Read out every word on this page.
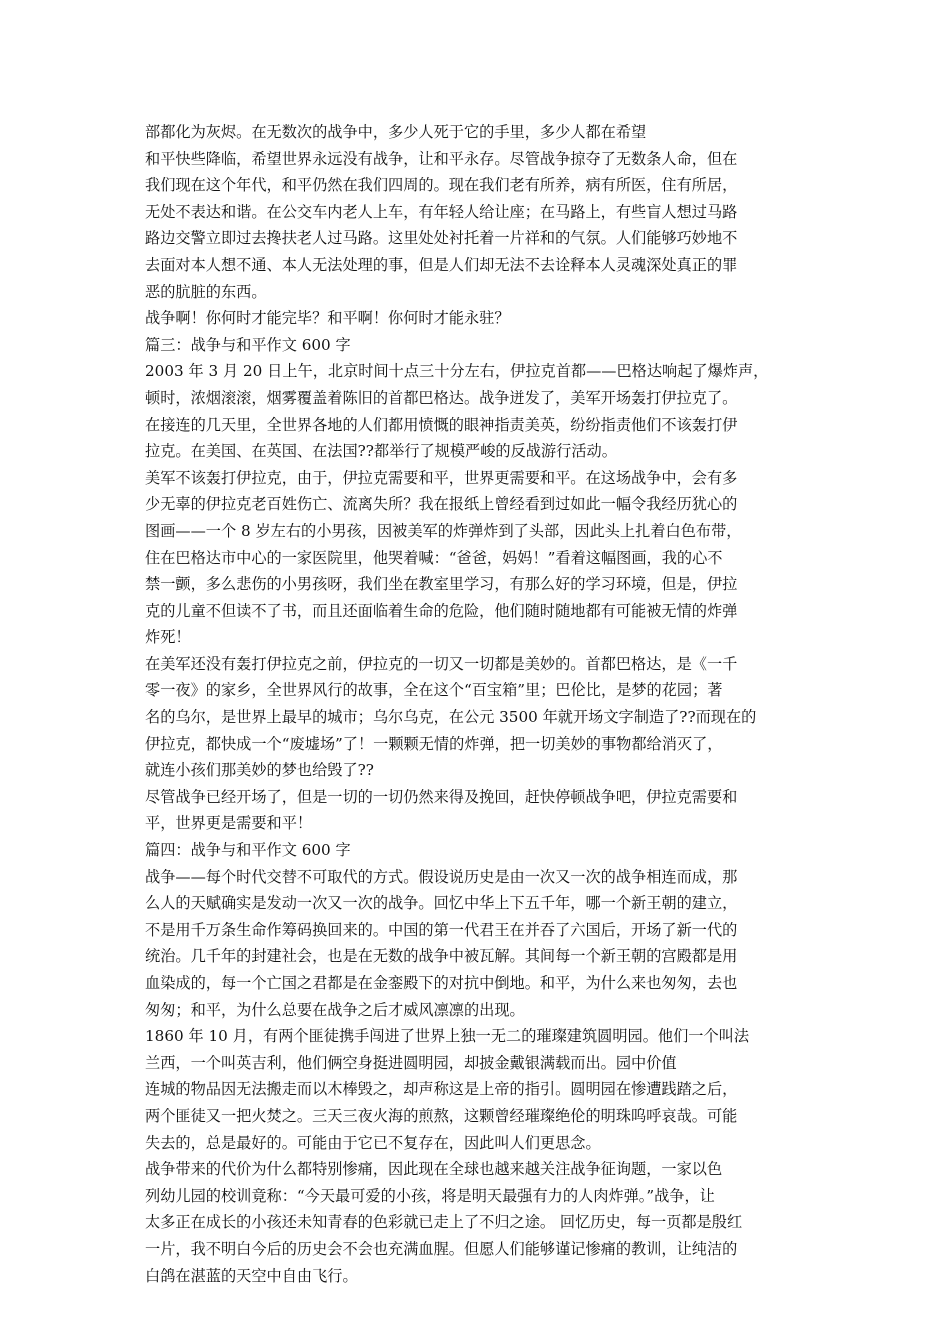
部都化为灰烬。在无数次的战争中，多少人死于它的手里，多少人都在希望
和平快些降临，希望世界永远没有战争，让和平永存。尽管战争掠夺了无数条人命，但在
我们现在这个年代，和平仍然在我们四周的。现在我们老有所养，病有所医，住有所居，
无处不表达和谐。在公交车内老人上车，有年轻人给让座；在马路上，有些盲人想过马路
路边交警立即过去搀扶老人过马路。这里处处衬托着一片祥和的气氛。人们能够巧妙地不
去面对本人想不通、本人无法处理的事，但是人们却无法不去诠释本人灵魂深处真正的罪
恶的肮脏的东西。
战争啊！你何时才能完毕？和平啊！你何时才能永驻？
篇三：战争与和平作文 600 字
2003 年 3 月 20 日上午，北京时间十点三十分左右，伊拉克首都——巴格达响起了爆炸声，
顿时，浓烟滚滚，烟雾覆盖着陈旧的首都巴格达。战争迸发了，美军开场轰打伊拉克了。
在接连的几天里，全世界各地的人们都用愤慨的眼神指责美英，纷纷指责他们不该轰打伊
拉克。在美国、在英国、在法国??都举行了规模严峻的反战游行活动。
美军不该轰打伊拉克，由于，伊拉克需要和平，世界更需要和平。在这场战争中，会有多
少无辜的伊拉克老百姓伤亡、流离失所？我在报纸上曾经看到过如此一幅令我经历犹心的
图画——一个 8 岁左右的小男孩，因被美军的炸弹炸到了头部，因此头上扎着白色布带，
住在巴格达市中心的一家医院里，他哭着喊：“爸爸，妈妈！”看着这幅图画，我的心不
禁一颤，多么悲伤的小男孩呀，我们坐在教室里学习，有那么好的学习环境，但是，伊拉
克的儿童不但读不了书，而且还面临着生命的危险，他们随时随地都有可能被无情的炸弹
炸死！
在美军还没有轰打伊拉克之前，伊拉克的一切又一切都是美妙的。首都巴格达，是《一千
零一夜》的家乡，全世界风行的故事，全在这个“百宝箱”里；巴伦比，是梦的花园；著
名的乌尔，是世界上最早的城市；乌尔乌克，在公元 3500 年就开场文字制造了??而现在的
伊拉克，都快成一个“废墟场”了！一颗颗无情的炸弹，把一切美妙的事物都给消灭了，
就连小孩们那美妙的梦也给毁了??
尽管战争已经开场了，但是一切的一切仍然来得及挽回，赶快停顿战争吧，伊拉克需要和
平，世界更是需要和平！
篇四：战争与和平作文 600 字
战争——每个时代交替不可取代的方式。假设说历史是由一次又一次的战争相连而成，那
么人的天赋确实是发动一次又一次的战争。回忆中华上下五千年，哪一个新王朝的建立，
不是用千万条生命作筹码换回来的。中国的第一代君王在并吞了六国后，开场了新一代的
统治。几千年的封建社会，也是在无数的战争中被瓦解。其间每一个新王朝的宫殿都是用
血染成的，每一个亡国之君都是在金銮殿下的对抗中倒地。和平，为什么来也匆匆，去也
匆匆；和平，为什么总要在战争之后才威风凛凛的出现。
1860 年 10 月，有两个匪徒携手闯进了世界上独一无二的璀璨建筑圆明园。他们一个叫法
兰西，一个叫英吉利，他们俩空身挺进圆明园，却披金戴银满载而出。园中价值
连城的物品因无法搬走而以木棒毁之，却声称这是上帝的指引。圆明园在惨遭践踏之后，
两个匪徒又一把火焚之。三天三夜火海的煎熬，这颗曾经璀璨绝伦的明珠呜呼哀哉。可能
失去的，总是最好的。可能由于它已不复存在，因此叫人们更思念。
战争带来的代价为什么都特别惨痛，因此现在全球也越来越关注战争征询题，一家以色
列幼儿园的校训竟称：“今天最可爱的小孩，将是明天最强有力的人肉炸弹。”战争，让
太多正在成长的小孩还未知青春的色彩就已走上了不归之途。 回忆历史，每一页都是殷红
一片，我不明白今后的历史会不会也充满血腥。但愿人们能够谨记惨痛的教训，让纯洁的
白鸽在湛蓝的天空中自由飞行。
